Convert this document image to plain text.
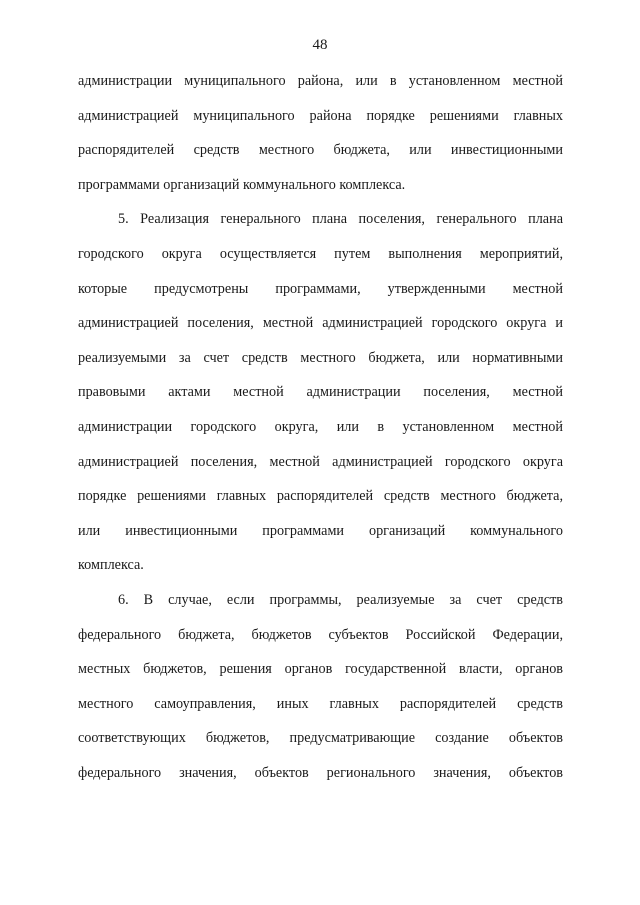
48
администрации муниципального района, или в установленном местной
администрацией муниципального района порядке решениями главных
распорядителей средств местного бюджета, или инвестиционными
программами организаций коммунального комплекса.
5. Реализация генерального плана поселения, генерального плана
городского округа осуществляется путем выполнения мероприятий,
которые предусмотрены программами, утвержденными местной
администрацией поселения, местной администрацией городского округа и
реализуемыми за счет средств местного бюджета, или нормативными
правовыми актами местной администрации поселения, местной
администрации городского округа, или в установленном местной
администрацией поселения, местной администрацией городского округа
порядке решениями главных распорядителей средств местного бюджета,
или инвестиционными программами организаций коммунального
комплекса.
6. В случае, если программы, реализуемые за счет средств
федерального бюджета, бюджетов субъектов Российской Федерации,
местных бюджетов, решения органов государственной власти, органов
местного самоуправления, иных главных распорядителей средств
соответствующих бюджетов, предусматривающие создание объектов
федерального значения, объектов регионального значения, объектов
